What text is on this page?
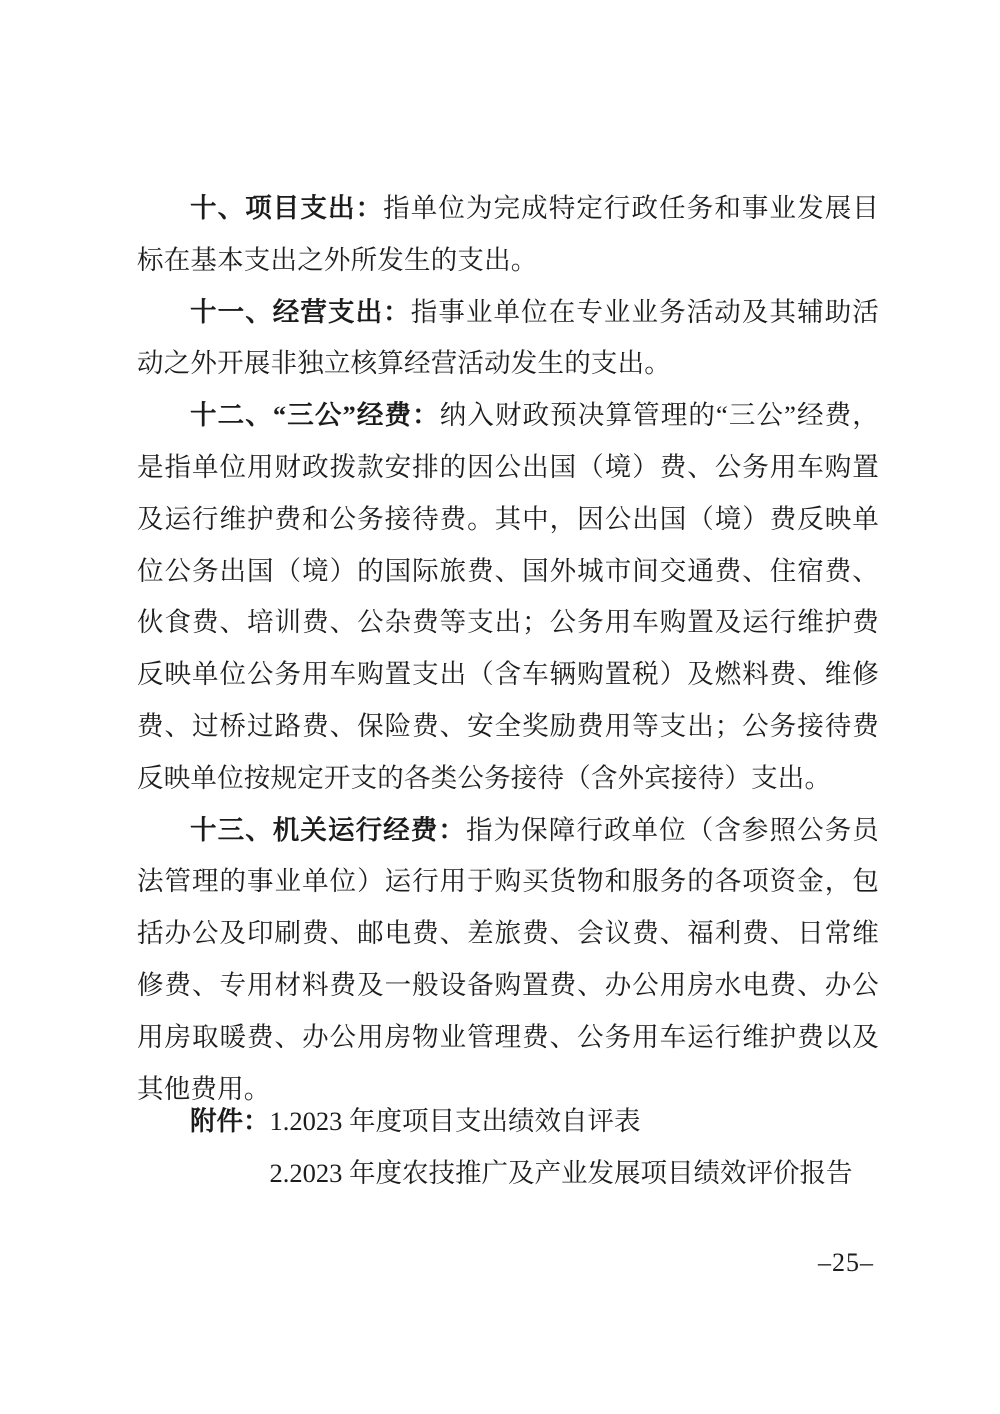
十、项目支出：指单位为完成特定行政任务和事业发展目标在基本支出之外所发生的支出。

十一、经营支出：指事业单位在专业业务活动及其辅助活动之外开展非独立核算经营活动发生的支出。

十二、“三公”经费：纳入财政预决算管理的“三公”经费，是指单位用财政拨款安排的因公出国（境）费、公务用车购置及运行维护费和公务接待费。其中，因公出国（境）费反映单位公务出国（境）的国际旅费、国外城市间交通费、住宿费、伙食费、培训费、公杂费等支出；公务用车购置及运行维护费反映单位公务用车购置支出（含车辆购置税）及燃料费、维修费、过桥过路费、保险费、安全奖励费用等支出；公务接待费反映单位按规定开支的各类公务接待（含外宾接待）支出。

十三、机关运行经费：指为保障行政单位（含参照公务员法管理的事业单位）运行用于购买货物和服务的各项资金，包括办公及印刷费、邮电费、差旅费、会议费、福利费、日常维修费、专用材料费及一般设备购置费、办公用房水电费、办公用房取暖费、办公用房物业管理费、公务用车运行维护费以及其他费用。

附件： 1.2023 年度项目支出绩效自评表
2.2023 年度农技推广及产业发展项目绩效评价报告
–25–
